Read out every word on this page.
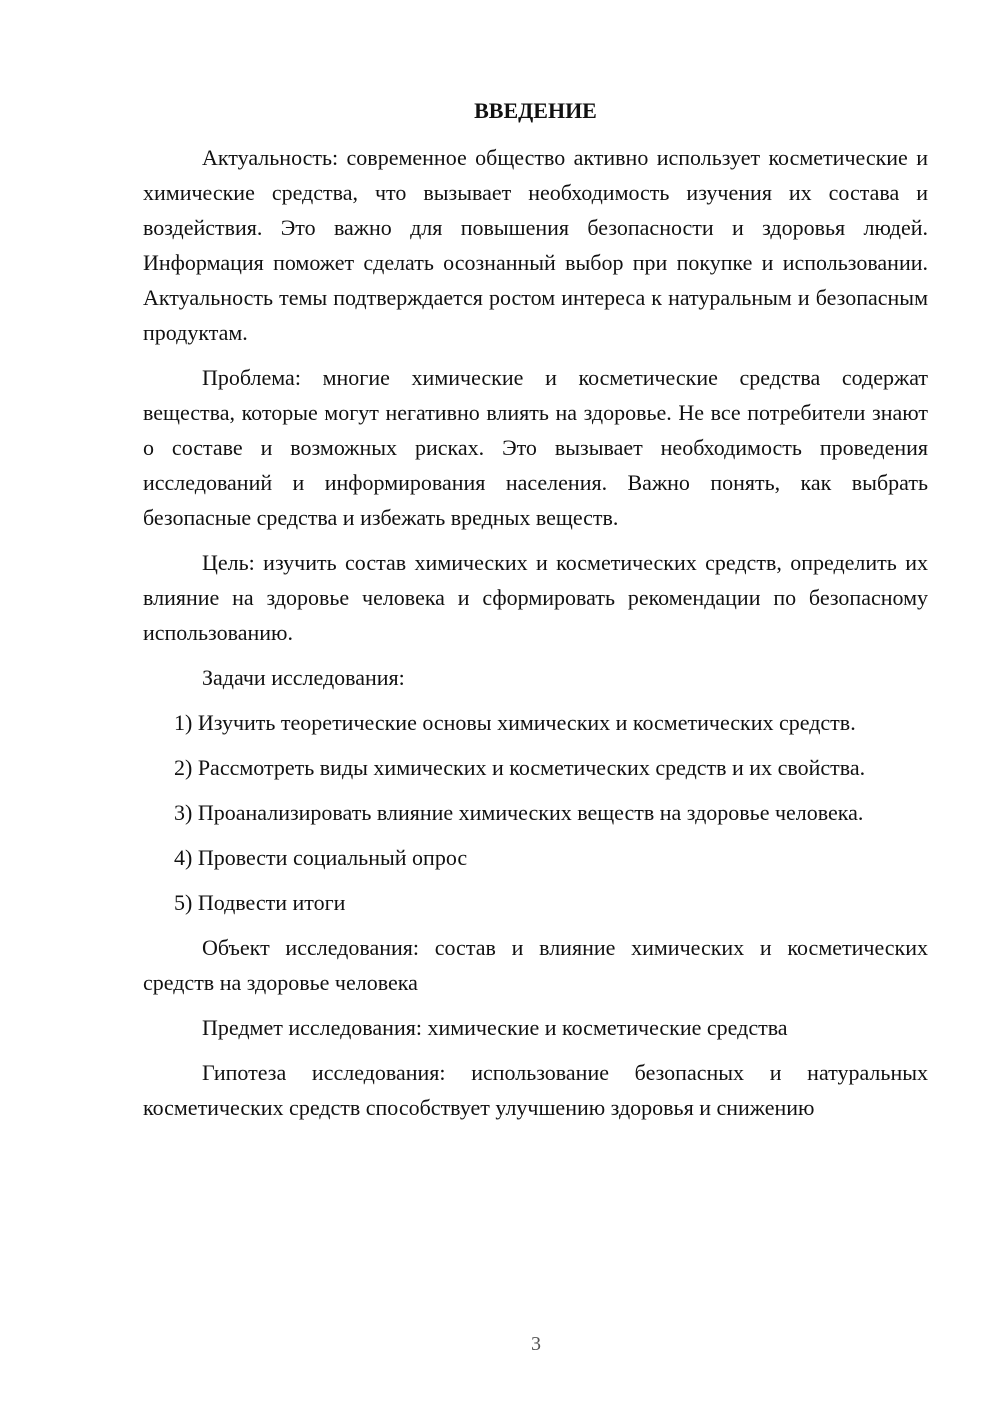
ВВЕДЕНИЕ

Актуальность: современное общество активно использует косметические и химические средства, что вызывает необходимость изучения их состава и воздействия. Это важно для повышения безопасности и здоровья людей. Информация поможет сделать осознанный выбор при покупке и использовании. Актуальность темы подтверждается ростом интереса к натуральным и безопасным продуктам.

Проблема: многие химические и косметические средства содержат вещества, которые могут негативно влиять на здоровье. Не все потребители знают о составе и возможных рисках. Это вызывает необходимость проведения исследований и информирования населения. Важно понять, как выбрать безопасные средства и избежать вредных веществ.

Цель: изучить состав химических и косметических средств, определить их влияние на здоровье человека и сформировать рекомендации по безопасному использованию.

Задачи исследования:

1) Изучить теоретические основы химических и косметических средств.

2) Рассмотреть виды химических и косметических средств и их свойства.

3) Проанализировать влияние химических веществ на здоровье человека.

4) Провести социальный опрос

5) Подвести итоги

Объект исследования: состав и влияние химических и косметических средств на здоровье человека

Предмет исследования: химические и косметические средства

Гипотеза исследования: использование безопасных и натуральных косметических средств способствует улучшению здоровья и снижению

3
